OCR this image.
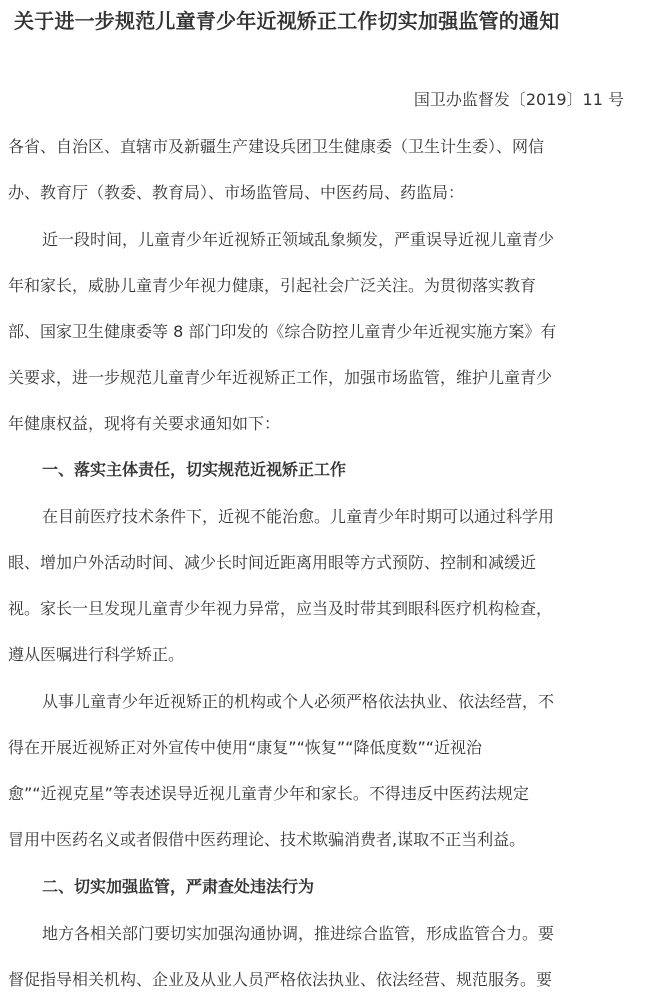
关于进一步规范儿童青少年近视矫正工作切实加强监管的通知
国卫办监督发〔2019〕11 号
各省、自治区、直辖市及新疆生产建设兵团卫生健康委（卫生计生委）、网信
办、教育厅（教委、教育局）、市场监管局、中医药局、药监局：
近一段时间，儿童青少年近视矫正领域乱象频发，严重误导近视儿童青少
年和家长，威胁儿童青少年视力健康，引起社会广泛关注。为贯彻落实教育
部、国家卫生健康委等 8 部门印发的《综合防控儿童青少年近视实施方案》有
关要求，进一步规范儿童青少年近视矫正工作，加强市场监管，维护儿童青少
年健康权益，现将有关要求通知如下：
一、落实主体责任，切实规范近视矫正工作
在目前医疗技术条件下，近视不能治愈。儿童青少年时期可以通过科学用
眼、增加户外活动时间、减少长时间近距离用眼等方式预防、控制和减缓近
视。家长一旦发现儿童青少年视力异常，应当及时带其到眼科医疗机构检查，
遵从医嘱进行科学矫正。
从事儿童青少年近视矫正的机构或个人必须严格依法执业、依法经营，不
得在开展近视矫正对外宣传中使用“康复”“恢复”“降低度数”“近视治
愈”“近视克星”等表述误导近视儿童青少年和家长。不得违反中医药法规定
冒用中医药名义或者假借中医药理论、技术欺骗消费者,谋取不正当利益。
二、切实加强监管，严肃查处违法行为
地方各相关部门要切实加强沟通协调，推进综合监管，形成监管合力。要
督促指导相关机构、企业及从业人员严格依法执业、依法经营、规范服务。要
